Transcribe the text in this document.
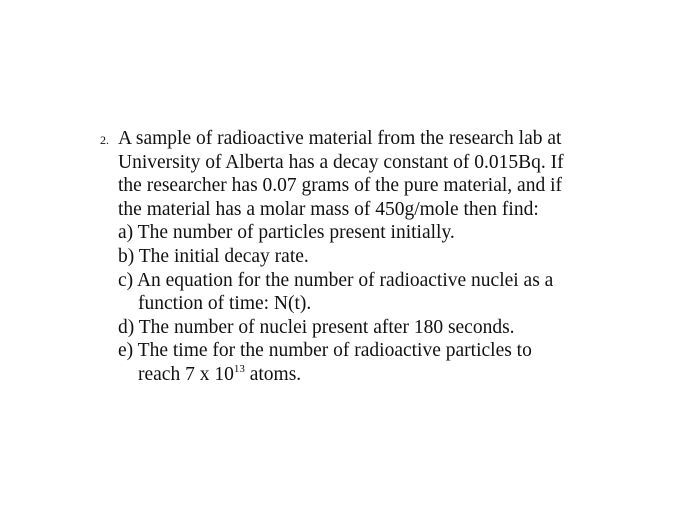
2. A sample of radioactive material from the research lab at
University of Alberta has a decay constant of 0.015Bq. If
the researcher has 0.07 grams of the pure material, and if
the material has a molar mass of 450g/mole then find:
a) The number of particles present initially.
b) The initial decay rate.
c) An equation for the number of radioactive nuclei as a
function of time: N(t).
d) The number of nuclei present after 180 seconds.
e) The time for the number of radioactive particles to
reach 7 x $10^{13}$ atoms.
